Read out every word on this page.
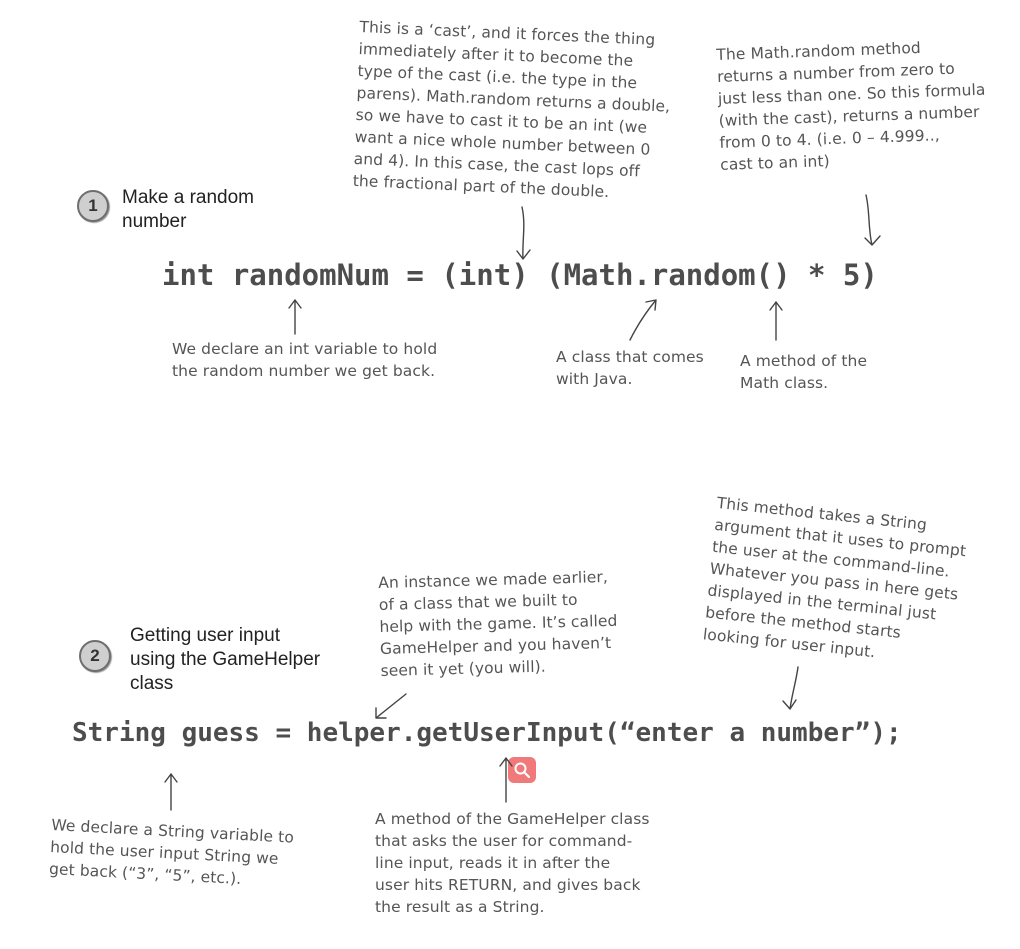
This is a ‘cast’, and it forces the thing
immediately after it to become the
type of the cast (i.e. the type in the
parens). Math.random returns a double,
so we have to cast it to be an int (we
want a nice whole number between 0
and 4). In this case, the cast lops off
the fractional part of the double.
The Math.random method
returns a number from zero to
just less than one. So this formula
(with the cast), returns a number
from 0 to 4. (i.e. 0 – 4.999..,
cast to an int)
1	Make a random
number
int randomNum = (int) (Math.random() * 5)
We declare an int variable to hold
the random number we get back.
A class that comes
with Java.
A method of the
Math class.
This method takes a String
argument that it uses to prompt
the user at the command-line.
Whatever you pass in here gets
displayed in the terminal just
before the method starts
looking for user input.
An instance we made earlier,
of a class that we built to
help with the game. It’s called
GameHelper and you haven’t
seen it yet (you will).
2
Getting user input
using the GameHelper
class
String guess = helper.getUserInput(“enter a number”);
We declare a String variable to
hold the user input String we
get back (“3”, “5”, etc.).
A method of the GameHelper class
that asks the user for command-
line input, reads it in after the
user hits RETURN, and gives back
the result as a String.
